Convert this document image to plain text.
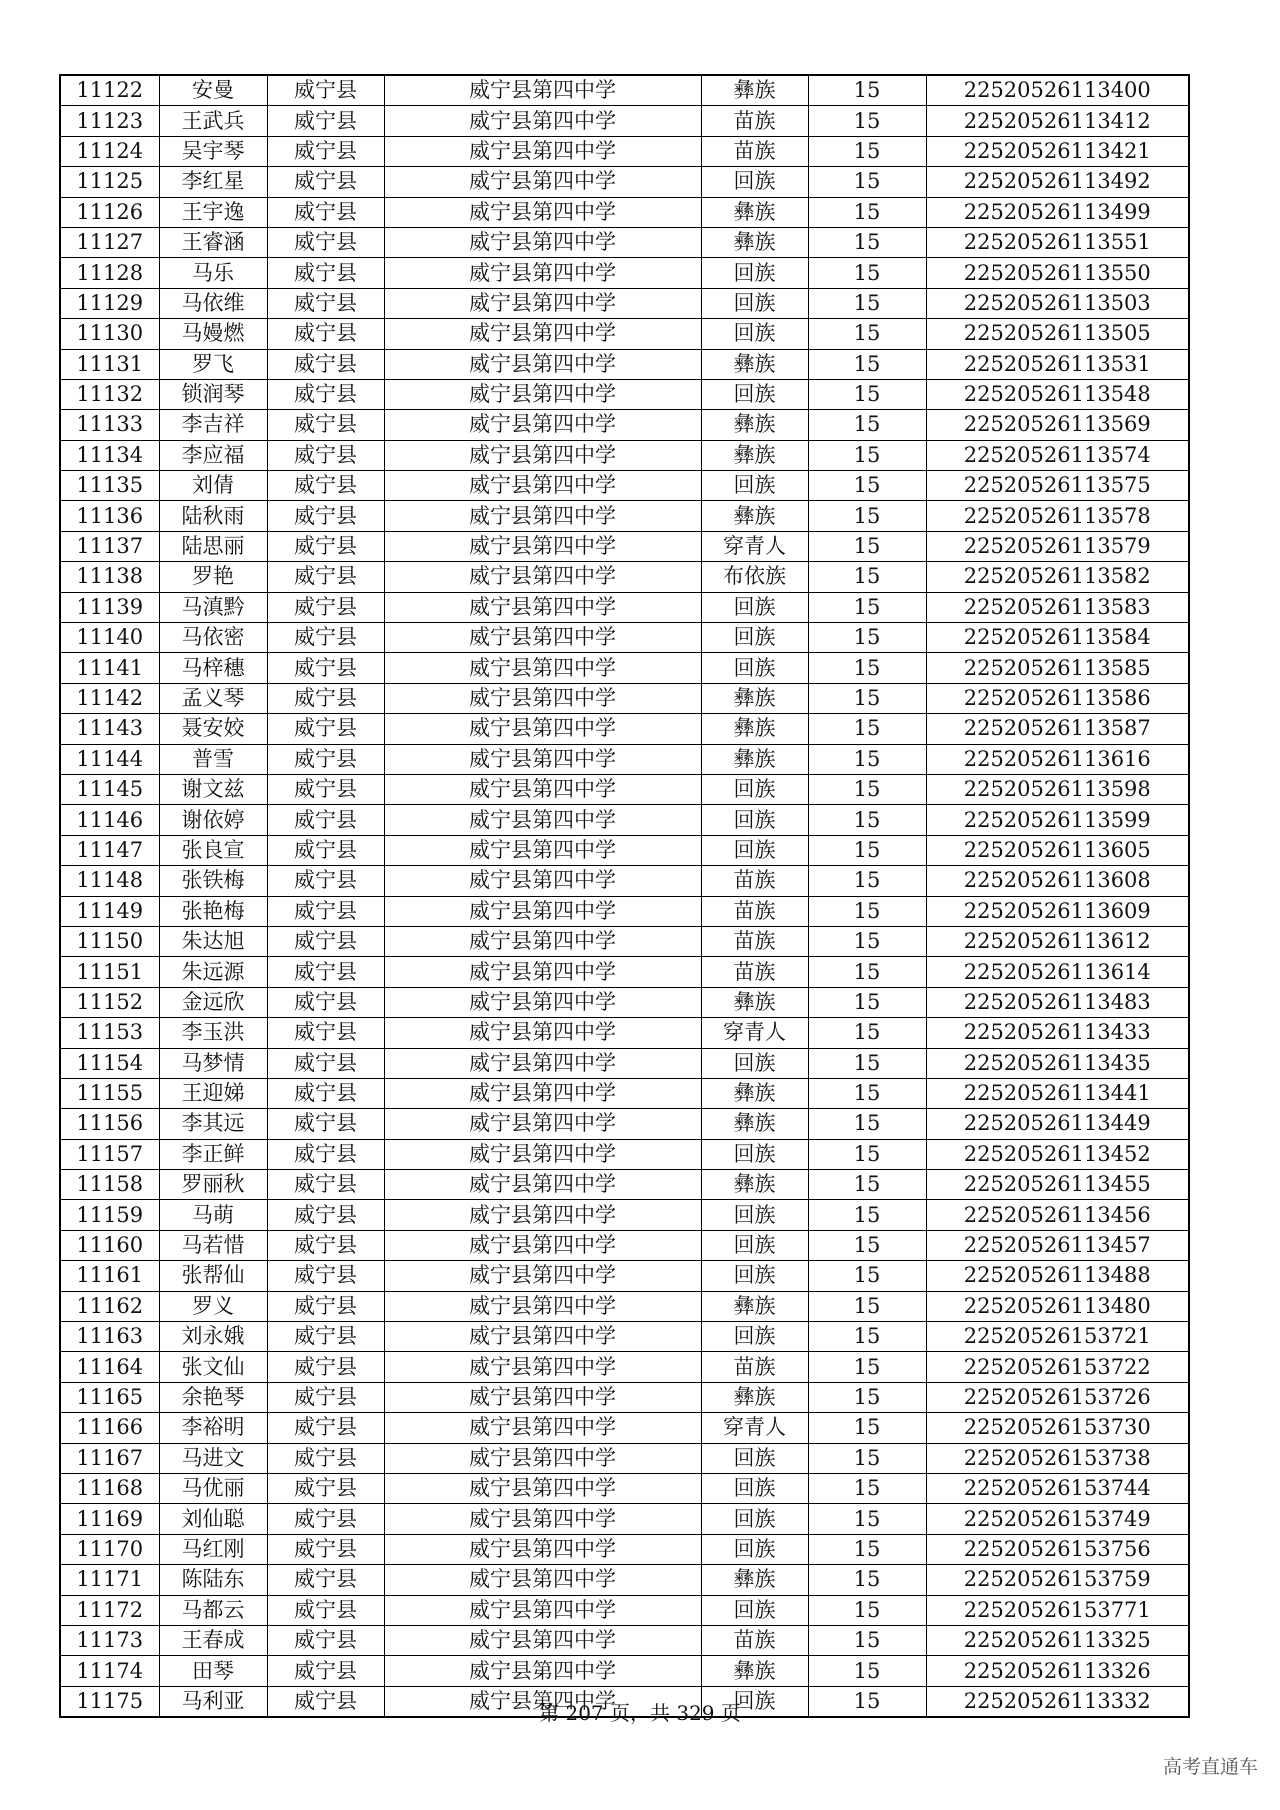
11122	安曼	威宁县	威宁县第四中学	彝族	15	22520526113400
11123	王武兵	威宁县	威宁县第四中学	苗族	15	22520526113412
11124	吴宇琴	威宁县	威宁县第四中学	苗族	15	22520526113421
11125	李红星	威宁县	威宁县第四中学	回族	15	22520526113492
11126	王宇逸	威宁县	威宁县第四中学	彝族	15	22520526113499
11127	王睿涵	威宁县	威宁县第四中学	彝族	15	22520526113551
11128	马乐	威宁县	威宁县第四中学	回族	15	22520526113550
11129	马依维	威宁县	威宁县第四中学	回族	15	22520526113503
11130	马嫚燃	威宁县	威宁县第四中学	回族	15	22520526113505
11131	罗飞	威宁县	威宁县第四中学	彝族	15	22520526113531
11132	锁润琴	威宁县	威宁县第四中学	回族	15	22520526113548
11133	李吉祥	威宁县	威宁县第四中学	彝族	15	22520526113569
11134	李应福	威宁县	威宁县第四中学	彝族	15	22520526113574
11135	刘倩	威宁县	威宁县第四中学	回族	15	22520526113575
11136	陆秋雨	威宁县	威宁县第四中学	彝族	15	22520526113578
11137	陆思丽	威宁县	威宁县第四中学	穿青人	15	22520526113579
11138	罗艳	威宁县	威宁县第四中学	布依族	15	22520526113582
11139	马滇黔	威宁县	威宁县第四中学	回族	15	22520526113583
11140	马依密	威宁县	威宁县第四中学	回族	15	22520526113584
11141	马梓穗	威宁县	威宁县第四中学	回族	15	22520526113585
11142	孟义琴	威宁县	威宁县第四中学	彝族	15	22520526113586
11143	聂安姣	威宁县	威宁县第四中学	彝族	15	22520526113587
11144	普雪	威宁县	威宁县第四中学	彝族	15	22520526113616
11145	谢文兹	威宁县	威宁县第四中学	回族	15	22520526113598
11146	谢依婷	威宁县	威宁县第四中学	回族	15	22520526113599
11147	张良宣	威宁县	威宁县第四中学	回族	15	22520526113605
11148	张铁梅	威宁县	威宁县第四中学	苗族	15	22520526113608
11149	张艳梅	威宁县	威宁县第四中学	苗族	15	22520526113609
11150	朱达旭	威宁县	威宁县第四中学	苗族	15	22520526113612
11151	朱远源	威宁县	威宁县第四中学	苗族	15	22520526113614
11152	金远欣	威宁县	威宁县第四中学	彝族	15	22520526113483
11153	李玉洪	威宁县	威宁县第四中学	穿青人	15	22520526113433
11154	马梦情	威宁县	威宁县第四中学	回族	15	22520526113435
11155	王迎娣	威宁县	威宁县第四中学	彝族	15	22520526113441
11156	李其远	威宁县	威宁县第四中学	彝族	15	22520526113449
11157	李正鲜	威宁县	威宁县第四中学	回族	15	22520526113452
11158	罗丽秋	威宁县	威宁县第四中学	彝族	15	22520526113455
11159	马萌	威宁县	威宁县第四中学	回族	15	22520526113456
11160	马若惜	威宁县	威宁县第四中学	回族	15	22520526113457
11161	张帮仙	威宁县	威宁县第四中学	回族	15	22520526113488
11162	罗义	威宁县	威宁县第四中学	彝族	15	22520526113480
11163	刘永娥	威宁县	威宁县第四中学	回族	15	22520526153721
11164	张文仙	威宁县	威宁县第四中学	苗族	15	22520526153722
11165	余艳琴	威宁县	威宁县第四中学	彝族	15	22520526153726
11166	李裕明	威宁县	威宁县第四中学	穿青人	15	22520526153730
11167	马进文	威宁县	威宁县第四中学	回族	15	22520526153738
11168	马优丽	威宁县	威宁县第四中学	回族	15	22520526153744
11169	刘仙聪	威宁县	威宁县第四中学	回族	15	22520526153749
11170	马红刚	威宁县	威宁县第四中学	回族	15	22520526153756
11171	陈陆东	威宁县	威宁县第四中学	彝族	15	22520526153759
11172	马都云	威宁县	威宁县第四中学	回族	15	22520526153771
11173	王春成	威宁县	威宁县第四中学	苗族	15	22520526113325
11174	田琴	威宁县	威宁县第四中学	彝族	15	22520526113326
11175	马利亚	威宁县	威宁县第四中学	回族	15	22520526113332
第 207 页，共 329 页
高考直通车
